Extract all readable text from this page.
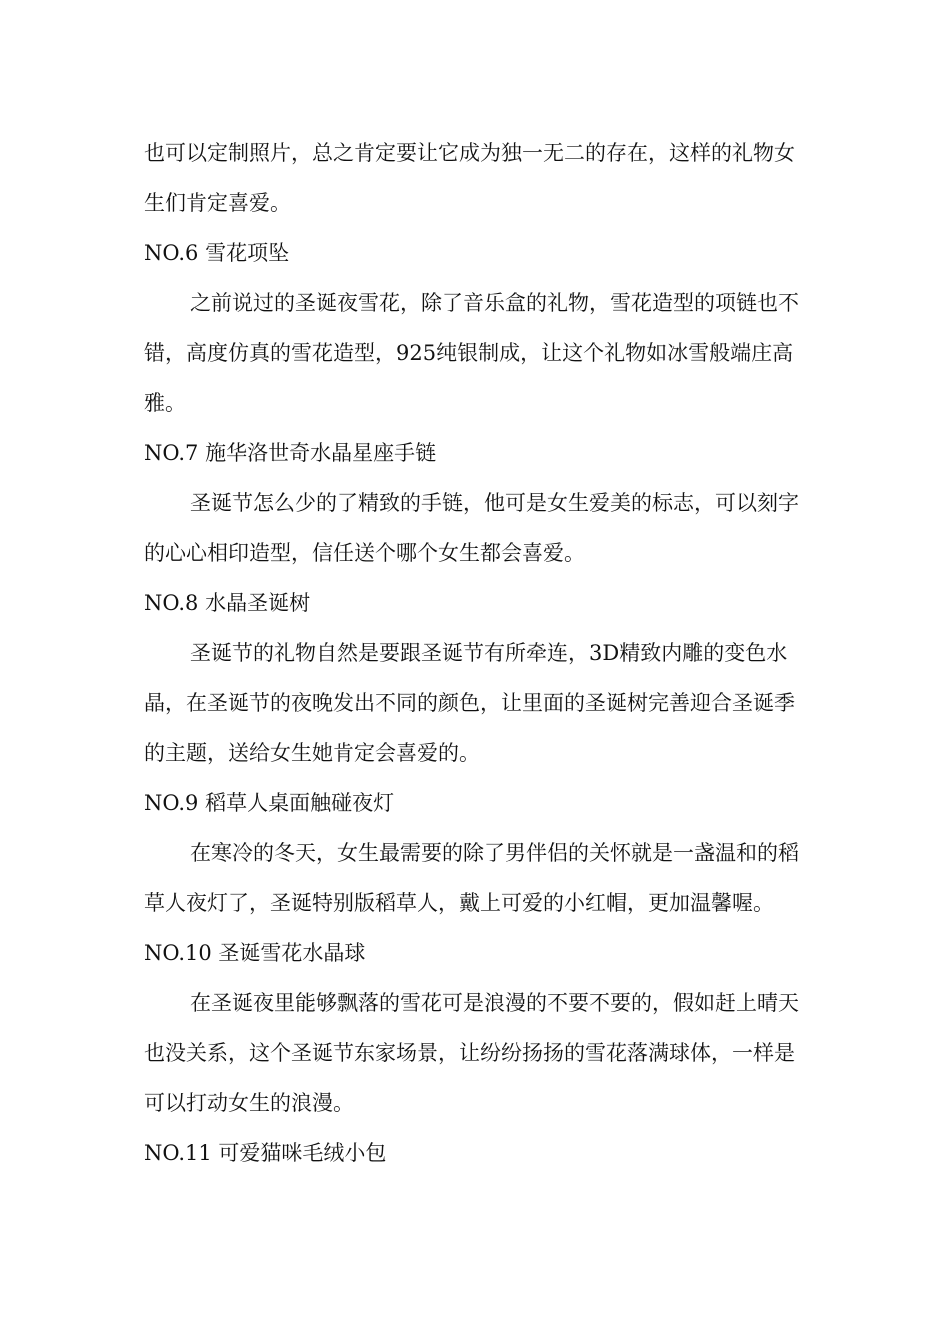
也可以定制照片，总之肯定要让它成为独一无二的存在，这样的礼物女生们肯定喜爱。

NO.6 雪花项坠

之前说过的圣诞夜雪花，除了音乐盒的礼物，雪花造型的项链也不错，高度仿真的雪花造型，925纯银制成，让这个礼物如冰雪般端庄高雅。

NO.7 施华洛世奇水晶星座手链

圣诞节怎么少的了精致的手链，他可是女生爱美的标志，可以刻字的心心相印造型，信任送个哪个女生都会喜爱。

NO.8 水晶圣诞树

圣诞节的礼物自然是要跟圣诞节有所牵连，3D精致内雕的变色水晶，在圣诞节的夜晚发出不同的颜色，让里面的圣诞树完善迎合圣诞季的主题，送给女生她肯定会喜爱的。

NO.9 稻草人桌面触碰夜灯

在寒冷的冬天，女生最需要的除了男伴侣的关怀就是一盏温和的稻草人夜灯了，圣诞特别版稻草人，戴上可爱的小红帽，更加温馨喔。

NO.10 圣诞雪花水晶球

在圣诞夜里能够飘落的雪花可是浪漫的不要不要的，假如赶上晴天也没关系，这个圣诞节东家场景，让纷纷扬扬的雪花落满球体，一样是可以打动女生的浪漫。

NO.11 可爱猫咪毛绒小包
